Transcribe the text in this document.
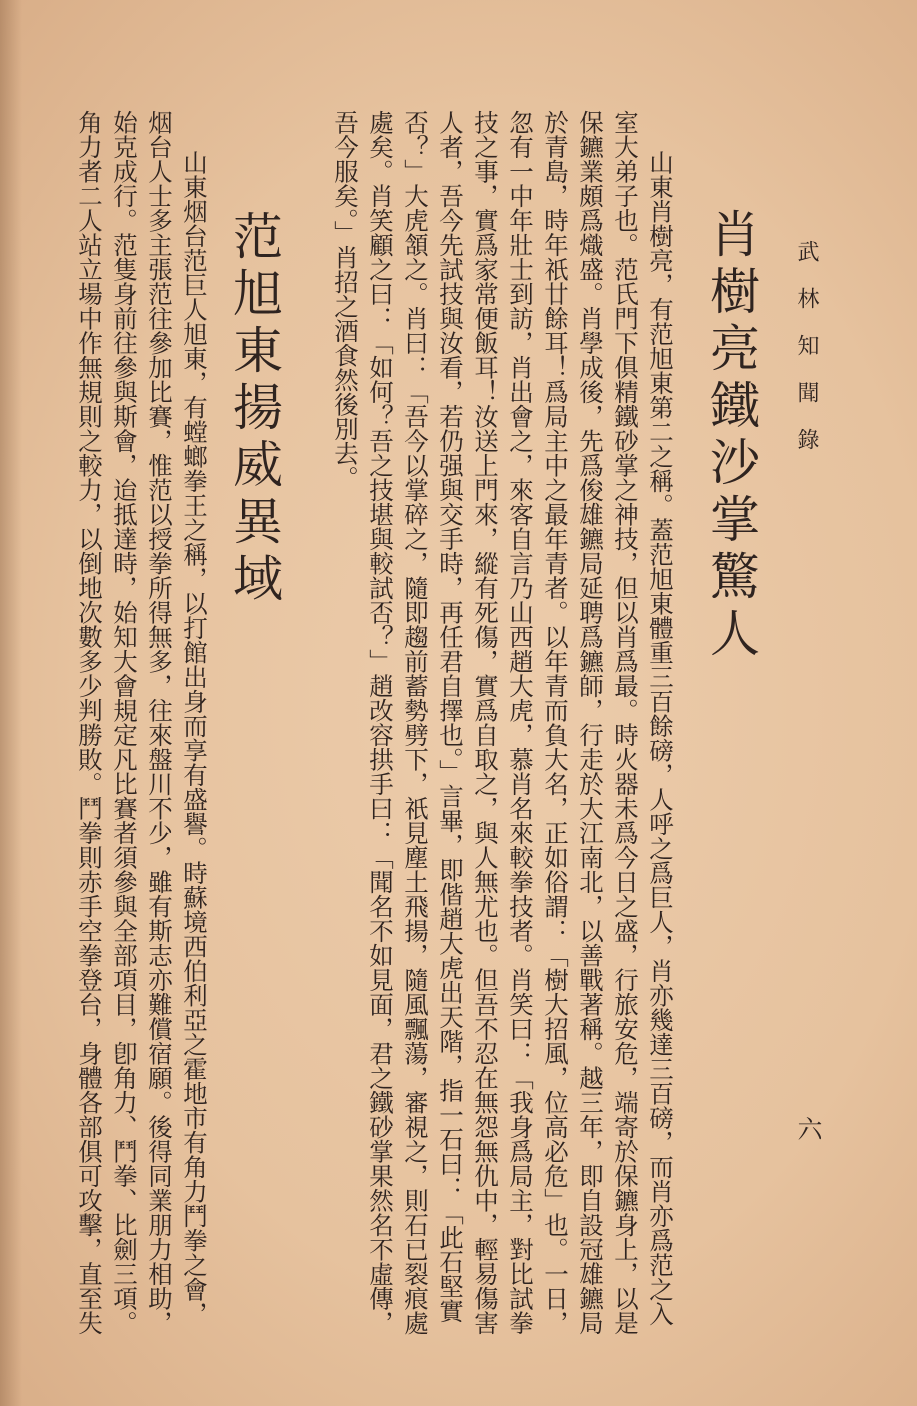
武林知聞錄
六
肖樹亮鐵沙掌驚人
山東肖樹亮，有范旭東第二之稱。蓋范旭東體重三百餘磅，人呼之爲巨人，肖亦幾達三百磅，而肖亦爲范之入
室大弟子也。范氏門下俱精鐵砂掌之神技，但以肖爲最。時火器未爲今日之盛，行旅安危，端寄於保鑣身上，以是
保鑣業頗爲熾盛。肖學成後，先爲俊雄鑣局延聘爲鑣師，行走於大江南北，以善戰著稱。越三年，即自設冠雄鑣局
於青島，時年祇廿餘耳！爲局主中之最年青者。以年青而負大名，正如俗謂：「樹大招風，位高必危」也。一日，
忽有一中年壯士到訪，肖出會之，來客自言乃山西趙大虎，慕肖名來較拳技者。肖笑曰：「我身爲局主，對比試拳
技之事，實爲家常便飯耳！汝送上門來，縱有死傷，實爲自取之，與人無尤也。但吾不忍在無怨無仇中，輕易傷害
人者，吾今先試技與汝看，若仍强與交手時，再任君自擇也。」言畢，即偕趙大虎出天階，指一石曰：「此石堅實
否？」大虎頷之。肖曰：「吾今以掌碎之，隨即趨前蓄勢劈下，祇見塵土飛揚，隨風飄蕩，審視之，則石已裂痕處
處矣。肖笑顧之曰：「如何？吾之技堪與較試否？」趙改容拱手曰：「聞名不如見面，君之鐵砂掌果然名不虛傳，
吾今服矣。」肖招之酒食然後別去。
范旭東揚威異域
山東烟台范巨人旭東，有螳螂拳王之稱，以打館出身而享有盛譽。時蘇境西伯利亞之霍地市有角力鬥拳之會，
烟台人士多主張范往參加比賽，惟范以授拳所得無多，往來盤川不少，雖有斯志亦難償宿願。後得同業朋力相助，
始克成行。范隻身前往參與斯會，迨抵達時，始知大會規定凡比賽者須參與全部項目，卽角力、鬥拳、比劍三項。
角力者二人站立場中作無規則之較力，以倒地次數多少判勝敗。鬥拳則赤手空拳登台，身體各部俱可攻擊，直至失
